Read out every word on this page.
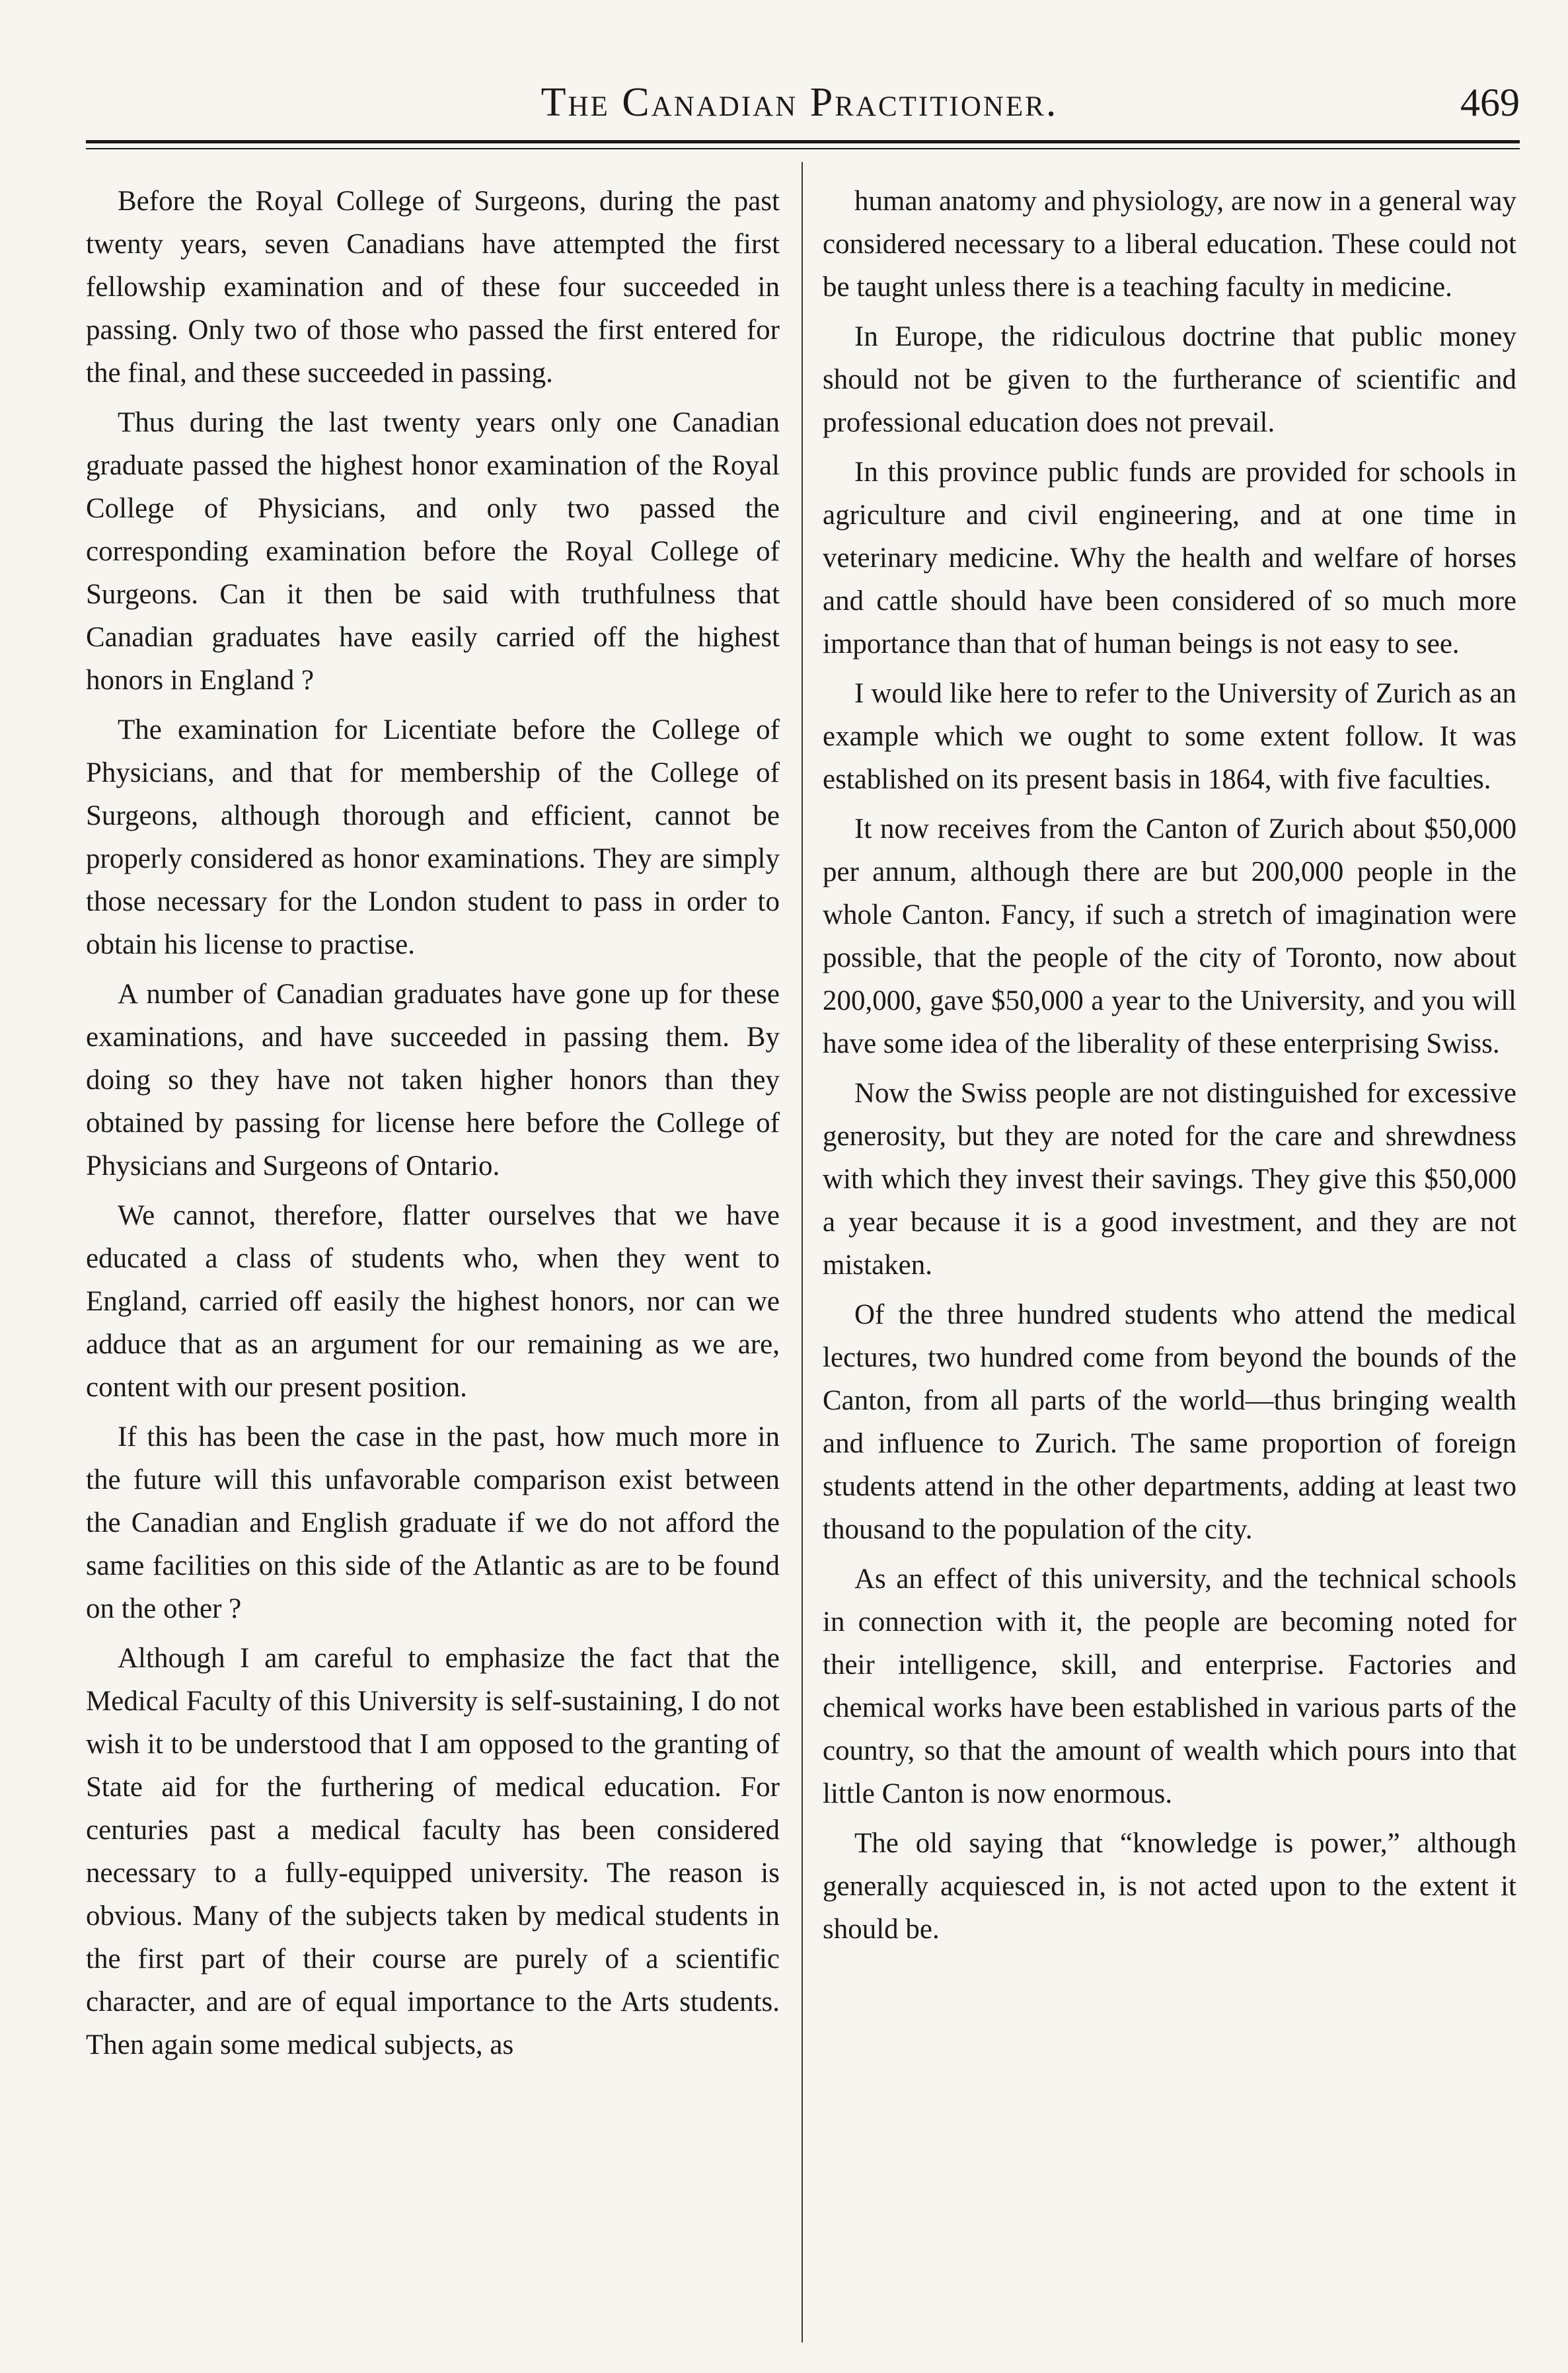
The Canadian Practitioner.	469

Before the Royal College of Surgeons, during the past twenty years, seven Canadians have attempted the first fellowship examination and of these four succeeded in passing. Only two of those who passed the first entered for the final, and these succeeded in passing.

Thus during the last twenty years only one Canadian graduate passed the highest honor examination of the Royal College of Physicians, and only two passed the corresponding examination before the Royal College of Surgeons. Can it then be said with truthfulness that Canadian graduates have easily carried off the highest honors in England ?

The examination for Licentiate before the College of Physicians, and that for membership of the College of Surgeons, although thorough and efficient, cannot be properly considered as honor examinations. They are simply those necessary for the London student to pass in order to obtain his license to practise.

A number of Canadian graduates have gone up for these examinations, and have succeeded in passing them. By doing so they have not taken higher honors than they obtained by passing for license here before the College of Physicians and Surgeons of Ontario.

We cannot, therefore, flatter ourselves that we have educated a class of students who, when they went to England, carried off easily the highest honors, nor can we adduce that as an argument for our remaining as we are, content with our present position.

If this has been the case in the past, how much more in the future will this unfavorable comparison exist between the Canadian and English graduate if we do not afford the same facilities on this side of the Atlantic as are to be found on the other ?

Although I am careful to emphasize the fact that the Medical Faculty of this University is self-sustaining, I do not wish it to be understood that I am opposed to the granting of State aid for the furthering of medical education. For centuries past a medical faculty has been considered necessary to a fully-equipped university. The reason is obvious. Many of the subjects taken by medical students in the first part of their course are purely of a scientific character, and are of equal importance to the Arts students. Then again some medical subjects, as

human anatomy and physiology, are now in a general way considered necessary to a liberal education. These could not be taught unless there is a teaching faculty in medicine.

In Europe, the ridiculous doctrine that public money should not be given to the furtherance of scientific and professional education does not prevail.

In this province public funds are provided for schools in agriculture and civil engineering, and at one time in veterinary medicine. Why the health and welfare of horses and cattle should have been considered of so much more importance than that of human beings is not easy to see.

I would like here to refer to the University of Zurich as an example which we ought to some extent follow. It was established on its present basis in 1864, with five faculties.

It now receives from the Canton of Zurich about $50,000 per annum, although there are but 200,000 people in the whole Canton. Fancy, if such a stretch of imagination were possible, that the people of the city of Toronto, now about 200,000, gave $50,000 a year to the University, and you will have some idea of the liberality of these enterprising Swiss.

Now the Swiss people are not distinguished for excessive generosity, but they are noted for the care and shrewdness with which they invest their savings. They give this $50,000 a year because it is a good investment, and they are not mistaken.

Of the three hundred students who attend the medical lectures, two hundred come from beyond the bounds of the Canton, from all parts of the world—thus bringing wealth and influence to Zurich. The same proportion of foreign students attend in the other departments, adding at least two thousand to the population of the city.

As an effect of this university, and the technical schools in connection with it, the people are becoming noted for their intelligence, skill, and enterprise. Factories and chemical works have been established in various parts of the country, so that the amount of wealth which pours into that little Canton is now enormous.

The old saying that “knowledge is power,” although generally acquiesced in, is not acted upon to the extent it should be.
